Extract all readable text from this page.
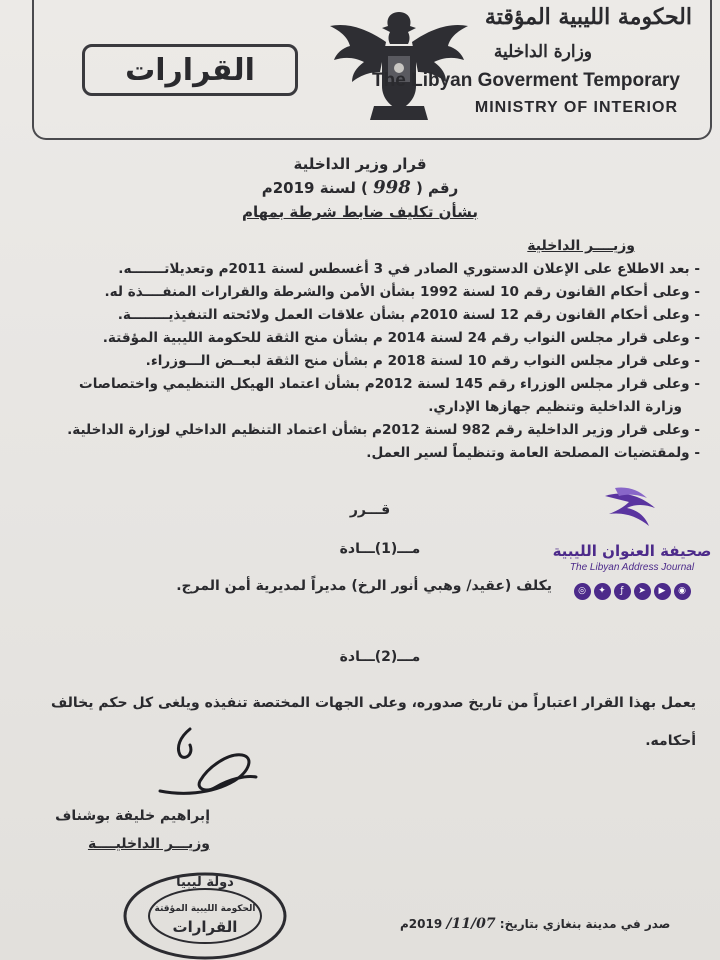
القرارات
الحكومة الليبية المؤقتة
وزارة الداخلية
The Libyan Goverment Temporary
MINISTRY OF INTERIOR
قرار وزير الداخلية
رقم ( 998 ) لسنة 2019م
بشأن تكليف ضابط شرطة بمهام
وزيــــر الداخلية
- بعد الاطلاع على الإعلان الدستوري الصادر في 3 أغسطس لسنة 2011م وتعديلاتـــــــه.
- وعلى أحكام القانون رقم 10 لسنة 1992 بشأن الأمن والشرطة والقرارات المنفــــذة له.
- وعلى أحكام القانون رقم 12 لسنة 2010م بشأن علاقات العمل ولائحته التنفيذيــــــــة.
- وعلى قرار مجلس النواب رقم 24 لسنة 2014 م بشأن منح الثقة للحكومة الليبية المؤقتة.
- وعلى قرار مجلس النواب رقم 10 لسنة 2018 م بشأن منح الثقة لبعــض الـــوزراء.
- وعلى قرار مجلس الوزراء رقم 145 لسنة 2012م بشأن اعتماد الهيكل التنظيمي واختصاصات
وزارة الداخلية وتنظيم جهازها الإداري.
- وعلى قرار وزير الداخلية رقم 982 لسنة 2012م بشأن اعتماد التنظيم الداخلي لوزارة الداخلية.
- ولمقتضيات المصلحة العامة وتنظيماً لسير العمل.
قـــرر
مـــ(1)ـــادة
يكلف (عقيد/ وهبي أنور الرخ) مديراً لمديرية أمن المرج.
مـــ(2)ـــادة
يعمل بهذا القرار اعتباراً من تاريخ صدوره، وعلى الجهات المختصة تنفيذه ويلغى كل حكم يخالف أحكامه.
إبراهيم خليفة بوشناف
وزيـــر الداخليــــة
دولة ليبيا
الحكومة الليبية المؤقتة
القرارات	صدر في مدينة بنغازي بتاريخ: 11/07/ 2019م
صحيفة العنوان الليبية
The Libyan Address Journal
◎	✦	ƒ	➤	▶	◉
